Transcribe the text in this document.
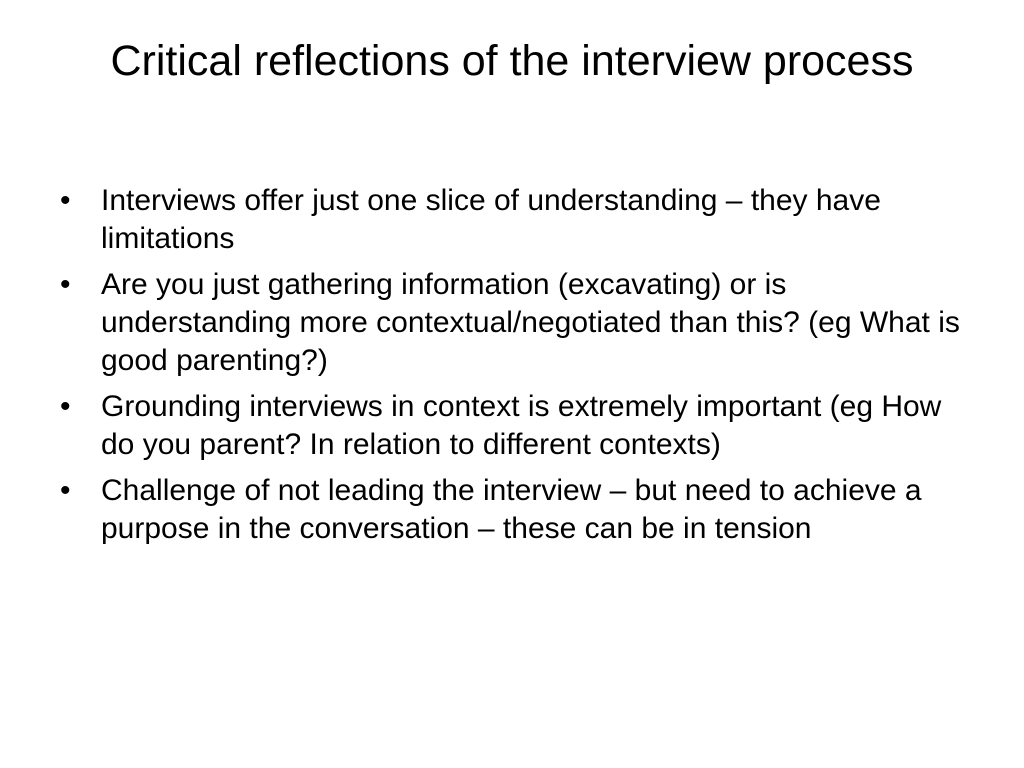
Critical reflections of the interview process
• Interviews offer just one slice of understanding – they have limitations
• Are you just gathering information (excavating) or is understanding more contextual/negotiated than this? (eg What is good parenting?)
• Grounding interviews in context is extremely important (eg How do you parent? In relation to different contexts)
• Challenge of not leading the interview – but need to achieve a purpose in the conversation – these can be in tension
